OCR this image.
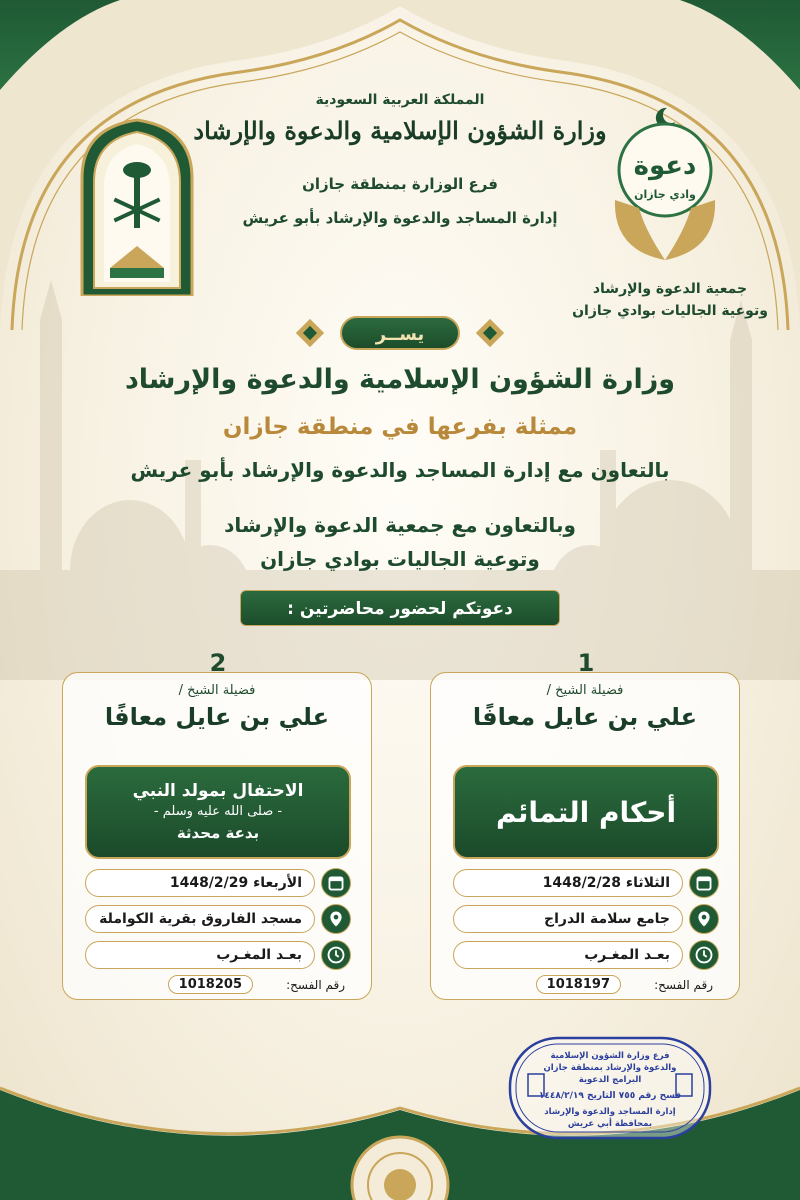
المملكة العربية السعودية
وزارة الشؤون الإسلامية والدعوة والإرشاد
فرع الوزارة بمنطقة جازان
إدارة المساجد والدعوة والإرشاد بأبو عريش
دعوة
وادي جازان
جمعية الدعوة والإرشاد
وتوعية الجاليات بوادي جازان
يســر
وزارة الشؤون الإسلامية والدعوة والإرشاد
ممثلة بفرعها في منطقة جازان
بالتعاون مع إدارة المساجد والدعوة والإرشاد بأبو عريش
وبالتعاون مع جمعية الدعوة والإرشاد
وتوعية الجاليات بوادي جازان
دعوتكم لحضور محاضرتين :
1
فضيلة الشيخ /
علي بن عايل معافًا
أحكام التمائم
الثلاثاء 1448/2/28
جامع سلامة الدراج
بعـد المغـرب
رقم الفسح:
1018197
2
فضيلة الشيخ /
علي بن عايل معافًا
الاحتفال بمولد النبي
- صلى الله عليه وسلم -
بدعة محدثة
الأربعاء 1448/2/29
مسجد الفاروق بقرية الكواملة
بعـد المغـرب
رقم الفسح:
1018205
فرع وزارة الشؤون الإسلامية
والدعوة والإرشاد بمنطقة جازان
البرامج الدعوية
فسح رقم ٧٥٥ التاريخ ١٤٤٨/٢/١٩
إدارة المساجد والدعوة والإرشاد
بمحافظة أبي عريش
